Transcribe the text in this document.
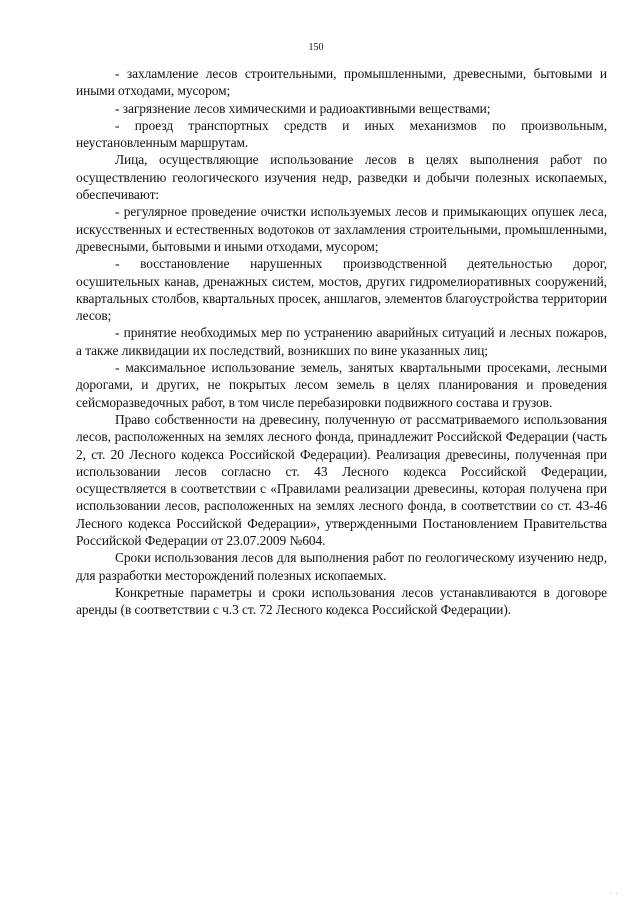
150

- захламление лесов строительными, промышленными, древесными, бытовыми и иными отходами, мусором;

- загрязнение лесов химическими и радиоактивными веществами;

- проезд транспортных средств и иных механизмов по произвольным, неустановленным маршрутам.

Лица, осуществляющие использование лесов в целях выполнения работ по осуществлению геологического изучения недр, разведки и добычи полезных ископаемых, обеспечивают:

- регулярное проведение очистки используемых лесов и примыкающих опушек леса, искусственных и естественных водотоков от захламления строительными, промышленными, древесными, бытовыми и иными отходами, мусором;

- восстановление нарушенных производственной деятельностью дорог, осушительных канав, дренажных систем, мостов, других гидромелиоративных сооружений, квартальных столбов, квартальных просек, аншлагов, элементов благоустройства территории лесов;

- принятие необходимых мер по устранению аварийных ситуаций и лесных пожаров, а также ликвидации их последствий, возникших по вине указанных лиц;

- максимальное использование земель, занятых квартальными просеками, лесными дорогами, и других, не покрытых лесом земель в целях планирования и проведения сейсморазведочных работ, в том числе перебазировки подвижного состава и грузов.

Право собственности на древесину, полученную от рассматриваемого использования лесов, расположенных на землях лесного фонда, принадлежит Российской Федерации (часть 2, ст. 20 Лесного кодекса Российской Федерации). Реализация древесины, полученная при использовании лесов согласно ст. 43 Лесного кодекса Российской Федерации, осуществляется в соответствии с «Правилами реализации древесины, которая получена при использовании лесов, расположенных на землях лесного фонда, в соответствии со ст. 43-46 Лесного кодекса Российской Федерации», утвержденными Постановлением Правительства Российской Федерации от 23.07.2009 №604.

Сроки использования лесов для выполнения работ по геологическому изучению недр, для разработки месторождений полезных ископаемых.

Конкретные параметры и сроки использования лесов устанавливаются в договоре аренды (в соответствии с ч.3 ст. 72 Лесного кодекса Российской Федерации).

· ·
